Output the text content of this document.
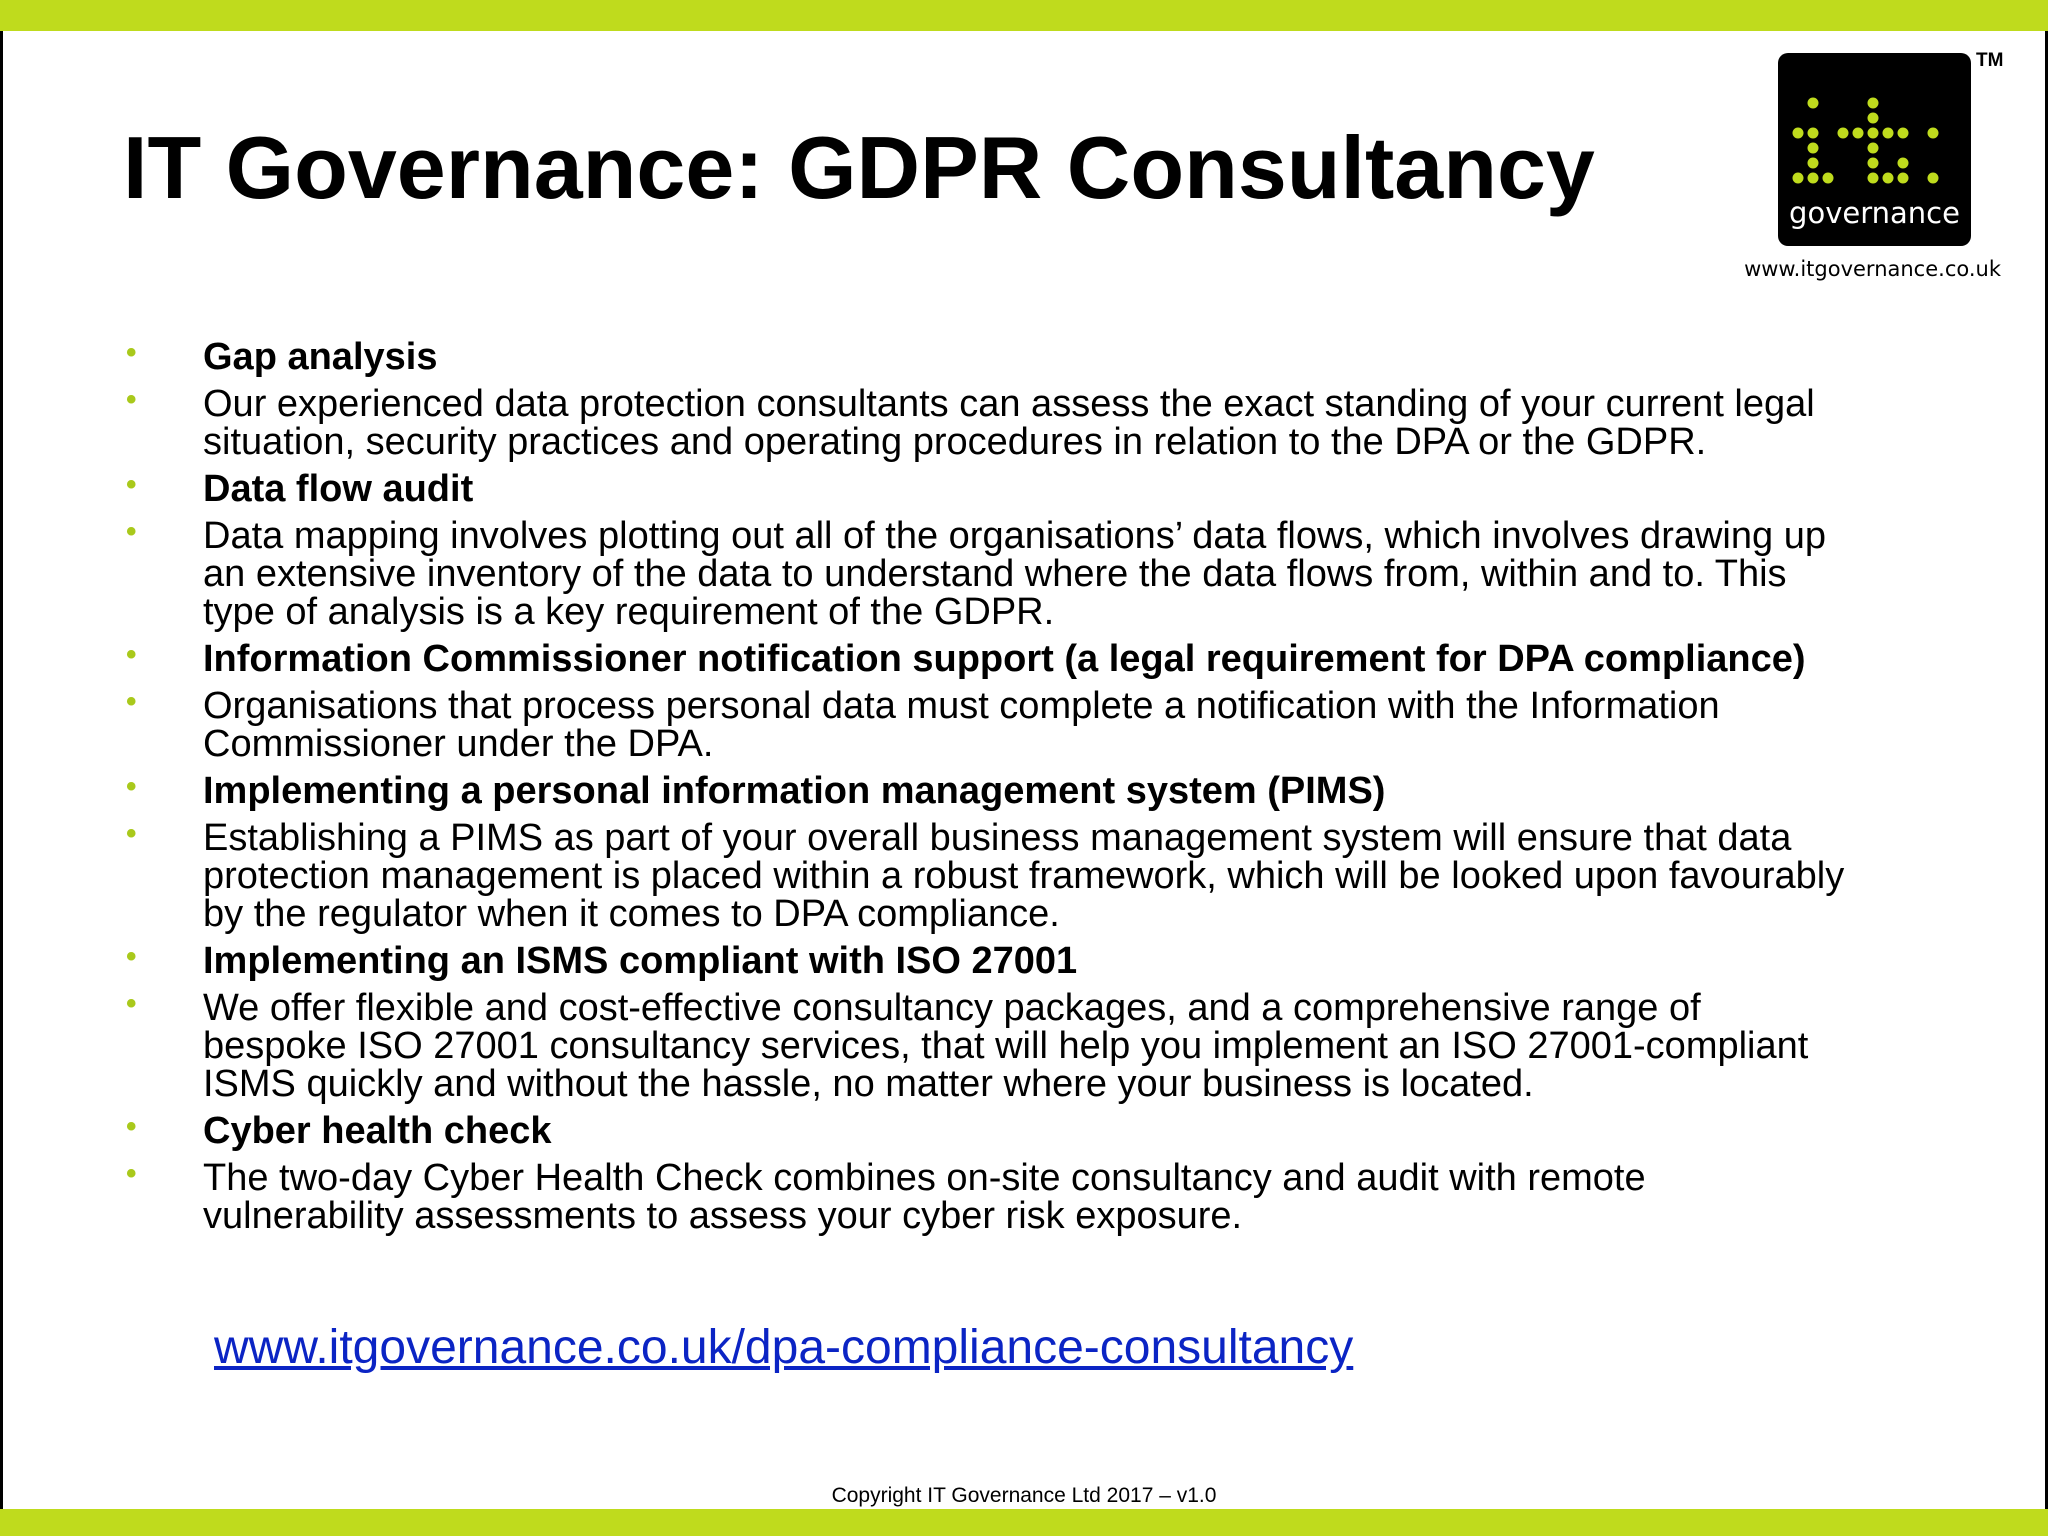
IT Governance: GDPR Consultancy	governance
TM
www.itgovernance.co.uk
• Gap analysis
• Our experienced data protection consultants can assess the exact standing of your current legal
situation, security practices and operating procedures in relation to the DPA or the GDPR.
• Data flow audit
• Data mapping involves plotting out all of the organisations’ data flows, which involves drawing up
an extensive inventory of the data to understand where the data flows from, within and to. This
type of analysis is a key requirement of the GDPR.
• Information Commissioner notification support (a legal requirement for DPA compliance)
• Organisations that process personal data must complete a notification with the Information
Commissioner under the DPA.
• Implementing a personal information management system (PIMS)
• Establishing a PIMS as part of your overall business management system will ensure that data
protection management is placed within a robust framework, which will be looked upon favourably
by the regulator when it comes to DPA compliance.
• Implementing an ISMS compliant with ISO 27001
• We offer flexible and cost-effective consultancy packages, and a comprehensive range of
bespoke ISO 27001 consultancy services, that will help you implement an ISO 27001-compliant
ISMS quickly and without the hassle, no matter where your business is located.
• Cyber health check
• The two-day Cyber Health Check combines on-site consultancy and audit with remote
vulnerability assessments to assess your cyber risk exposure.
www.itgovernance.co.uk/dpa-compliance-consultancy
Copyright IT Governance Ltd 2017 – v1.0
